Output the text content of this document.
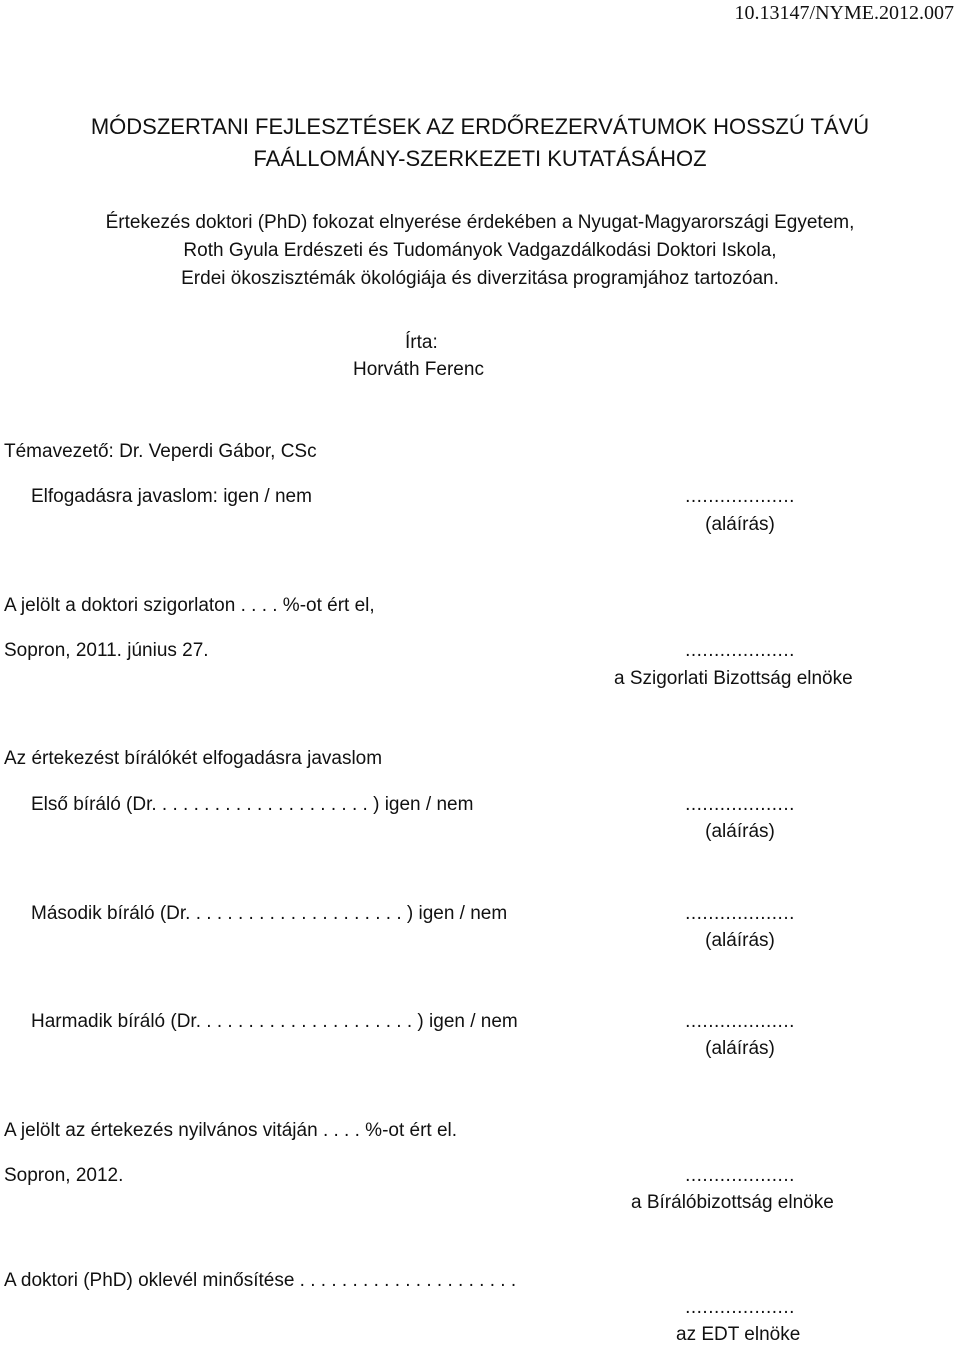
10.13147/NYME.2012.007
MÓDSZERTANI FEJLESZTÉSEK AZ ERDŐREZERVÁTUMOK HOSSZÚ TÁVÚ
FAÁLLOMÁNY-SZERKEZETI KUTATÁSÁHOZ
Értekezés doktori (PhD) fokozat elnyerése érdekében a Nyugat-Magyarországi Egyetem,
Roth Gyula Erdészeti és Tudományok Vadgazdálkodási Doktori Iskola,
Erdei ökoszisztémák ökológiája és diverzitása programjához tartozóan.
Írta:
Horváth Ferenc
Témavezető: Dr. Veperdi Gábor, CSc
Elfogadásra javaslom: igen / nem	...................
(aláírás)
A jelölt a doktori szigorlaton . . . . %-ot ért el,
Sopron, 2011. június 27.	...................
a Szigorlati Bizottság elnöke
Az értekezést bírálókét elfogadásra javaslom
Első bíráló (Dr. . . . . . . . . . . . . . . . . . . . . ) igen / nem	...................
(aláírás)
Második bíráló (Dr. . . . . . . . . . . . . . . . . . . . . ) igen / nem	...................
(aláírás)
Harmadik bíráló (Dr. . . . . . . . . . . . . . . . . . . . . ) igen / nem	...................
(aláírás)
A jelölt az értekezés nyilvános vitáján . . . . %-ot ért el.
Sopron, 2012.	...................
a Bírálóbizottság elnöke
A doktori (PhD) oklevél minősítése . . . . . . . . . . . . . . . . . . . . .
...................
az EDT elnöke
